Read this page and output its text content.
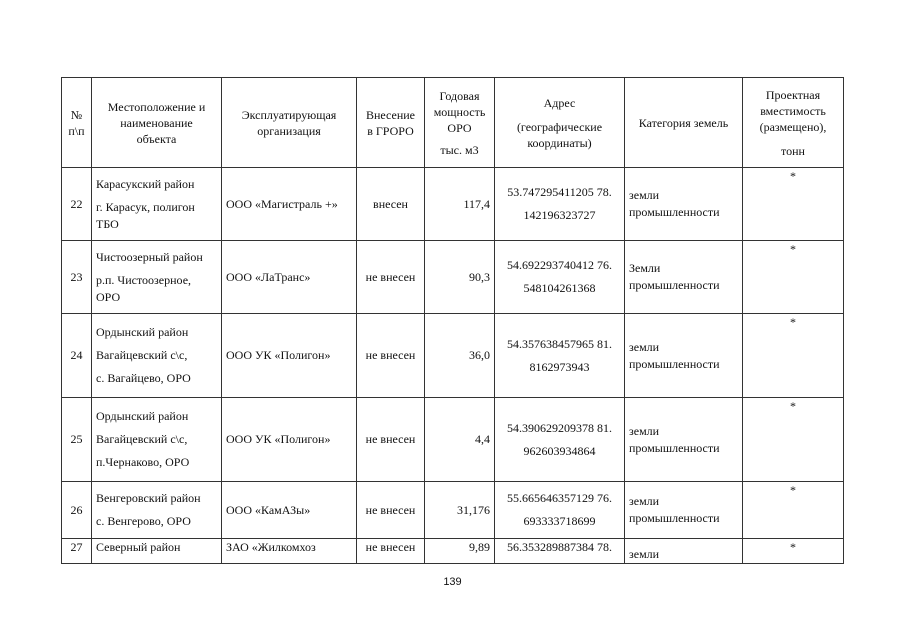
№
п\п	Местоположение и
наименование
объекта	Эксплуатирующая
организация	Внесение
в ГРОРО	Годовая
мощность
ОРО
тыс. м3	Адрес
(географические
координаты)	Категория земель	Проектная
вместимость
(размещено),
тонн

22	Карасукский район
г. Карасук, полигон
ТБО	ООО «Магистраль +»	внесен	117,4	53.747295411205 78.
142196323727	земли
промышленности	*
23	Чистоозерный район
р.п. Чистоозерное,
ОРО	ООО «ЛаТранс»	не внесен	90,3	54.692293740412 76.
548104261368	Земли
промышленности	*
24	Ордынский район
Вагайцевский с\с,
с. Вагайцево, ОРО	ООО УК «Полигон»	не внесен	36,0	54.357638457965 81.
8162973943	земли
промышленности	*
25	Ордынский район
Вагайцевский с\с,
п.Чернаково, ОРО	ООО УК «Полигон»	не внесен	4,4	54.390629209378 81.
962603934864	земли
промышленности	*
26	Венгеровский район
с. Венгерово, ОРО	ООО «КамАЗы»	не внесен	31,176	55.665646357129 76.
693333718699	земли
промышленности	*
27	Северный район	ЗАО «Жилкомхоз	не внесен	9,89	56.353289887384 78.	земли	*
139
